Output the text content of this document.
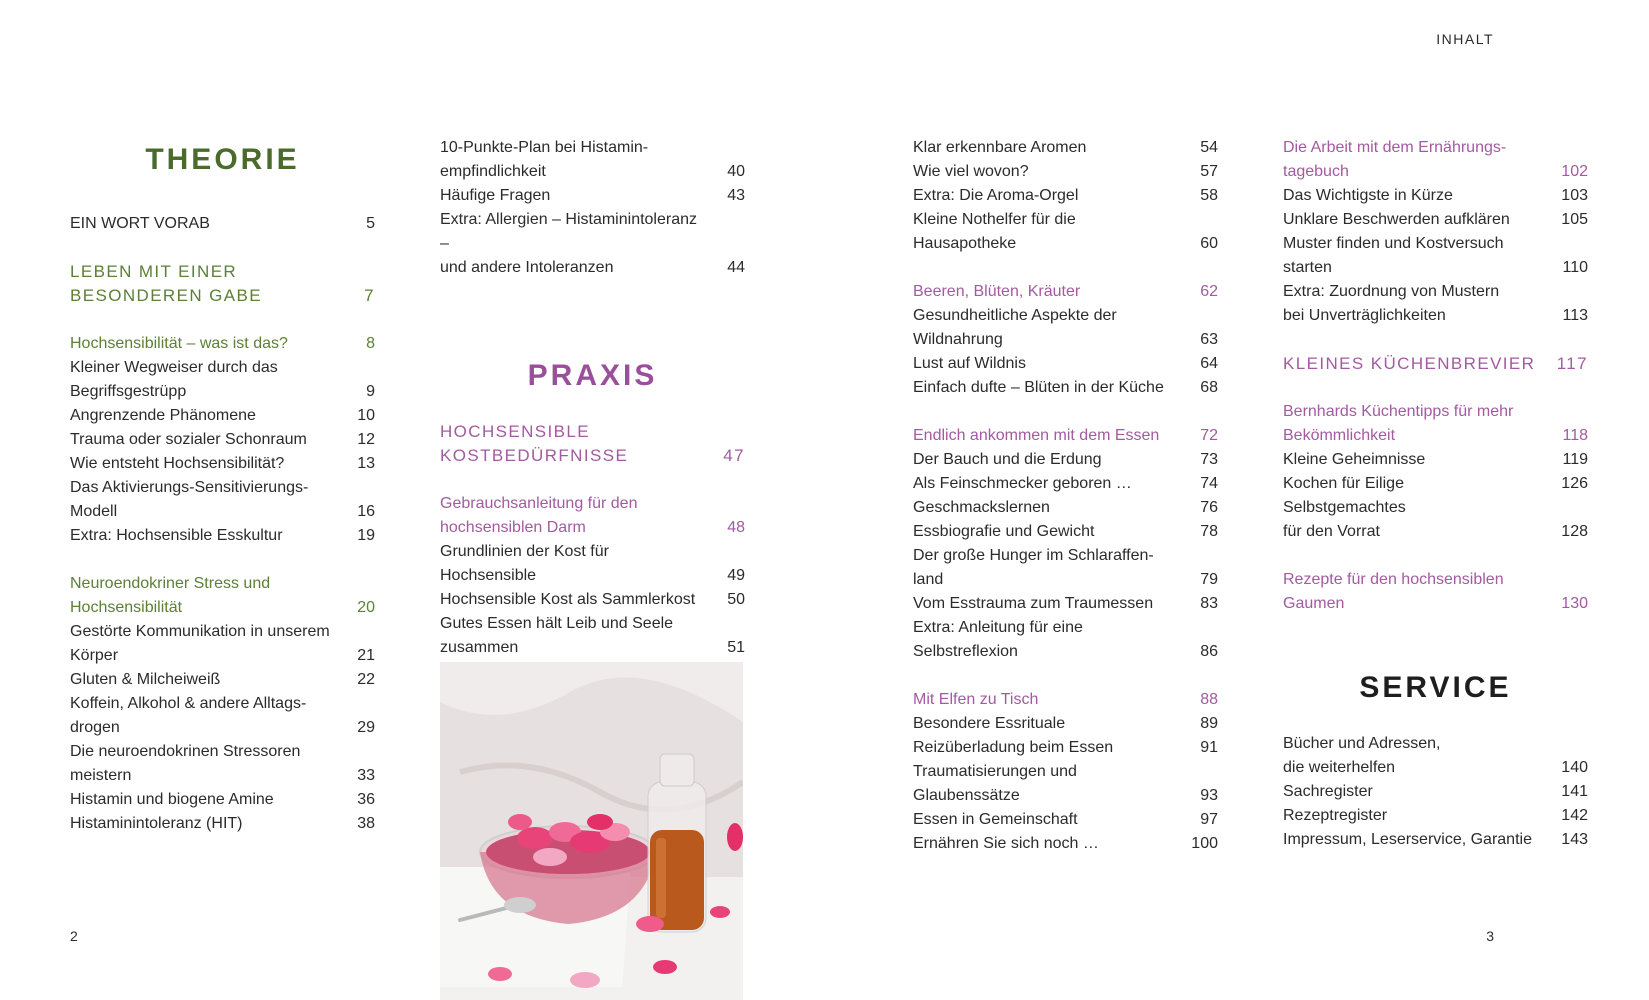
INHALT
THEORIE
EIN WORT VORAB	5
LEBEN MIT EINER
BESONDEREN GABE	7
Hochsensibilität – was ist das?	8
Kleiner Wegweiser durch das
Begriffsgestrüpp	9
Angrenzende Phänomene	10
Trauma oder sozialer Schonraum	12
Wie entsteht Hochsensibilität?	13
Das Aktivierungs-Sensitivierungs-
Modell	16
Extra: Hochsensible Esskultur	19
Neuroendokriner Stress und
Hochsensibilität	20
Gestörte Kommunikation in unserem
Körper	21
Gluten & Milcheiweiß	22
Koffein, Alkohol & andere Alltags-
drogen	29
Die neuroendokrinen Stressoren
meistern	33
Histamin und biogene Amine	36
Histaminintoleranz (HIT)	38
10-Punkte-Plan bei Histamin-
empfindlichkeit	40
Häufige Fragen	43
Extra: Allergien – Histaminintoleranz –
und andere Intoleranzen	44
PRAXIS
HOCHSENSIBLE
KOSTBEDÜRFNISSE	47
Gebrauchsanleitung für den
hochsensiblen Darm	48
Grundlinien der Kost für
Hochsensible	49
Hochsensible Kost als Sammlerkost	50
Gutes Essen hält Leib und Seele
zusammen	51
Klar erkennbare Aromen	54
Wie viel wovon?	57
Extra: Die Aroma-Orgel	58
Kleine Nothelfer für die
Hausapotheke	60
Beeren, Blüten, Kräuter	62
Gesundheitliche Aspekte der
Wildnahrung	63
Lust auf Wildnis	64
Einfach dufte – Blüten in der Küche	68
Endlich ankommen mit dem Essen	72
Der Bauch und die Erdung	73
Als Feinschmecker geboren …	74
Geschmackslernen	76
Essbiografie und Gewicht	78
Der große Hunger im Schlaraffen-
land	79
Vom Esstrauma zum Traumessen	83
Extra: Anleitung für eine
Selbstreflexion	86
Mit Elfen zu Tisch	88
Besondere Essrituale	89
Reizüberladung beim Essen	91
Traumatisierungen und
Glaubenssätze	93
Essen in Gemeinschaft	97
Ernähren Sie sich noch …	100
Die Arbeit mit dem Ernährungs-
tagebuch	102
Das Wichtigste in Kürze	103
Unklare Beschwerden aufklären	105
Muster finden und Kostversuch
starten	110
Extra: Zuordnung von Mustern
bei Unverträglichkeiten	113
KLEINES KÜCHENBREVIER	117
Bernhards Küchentipps für mehr
Bekömmlichkeit	118
Kleine Geheimnisse	119
Kochen für Eilige	126
Selbstgemachtes
für den Vorrat	128
Rezepte für den hochsensiblen
Gaumen	130
SERVICE
Bücher und Adressen,
die weiterhelfen	140
Sachregister	141
Rezeptregister	142
Impressum, Leserservice, Garantie	143
2	3
